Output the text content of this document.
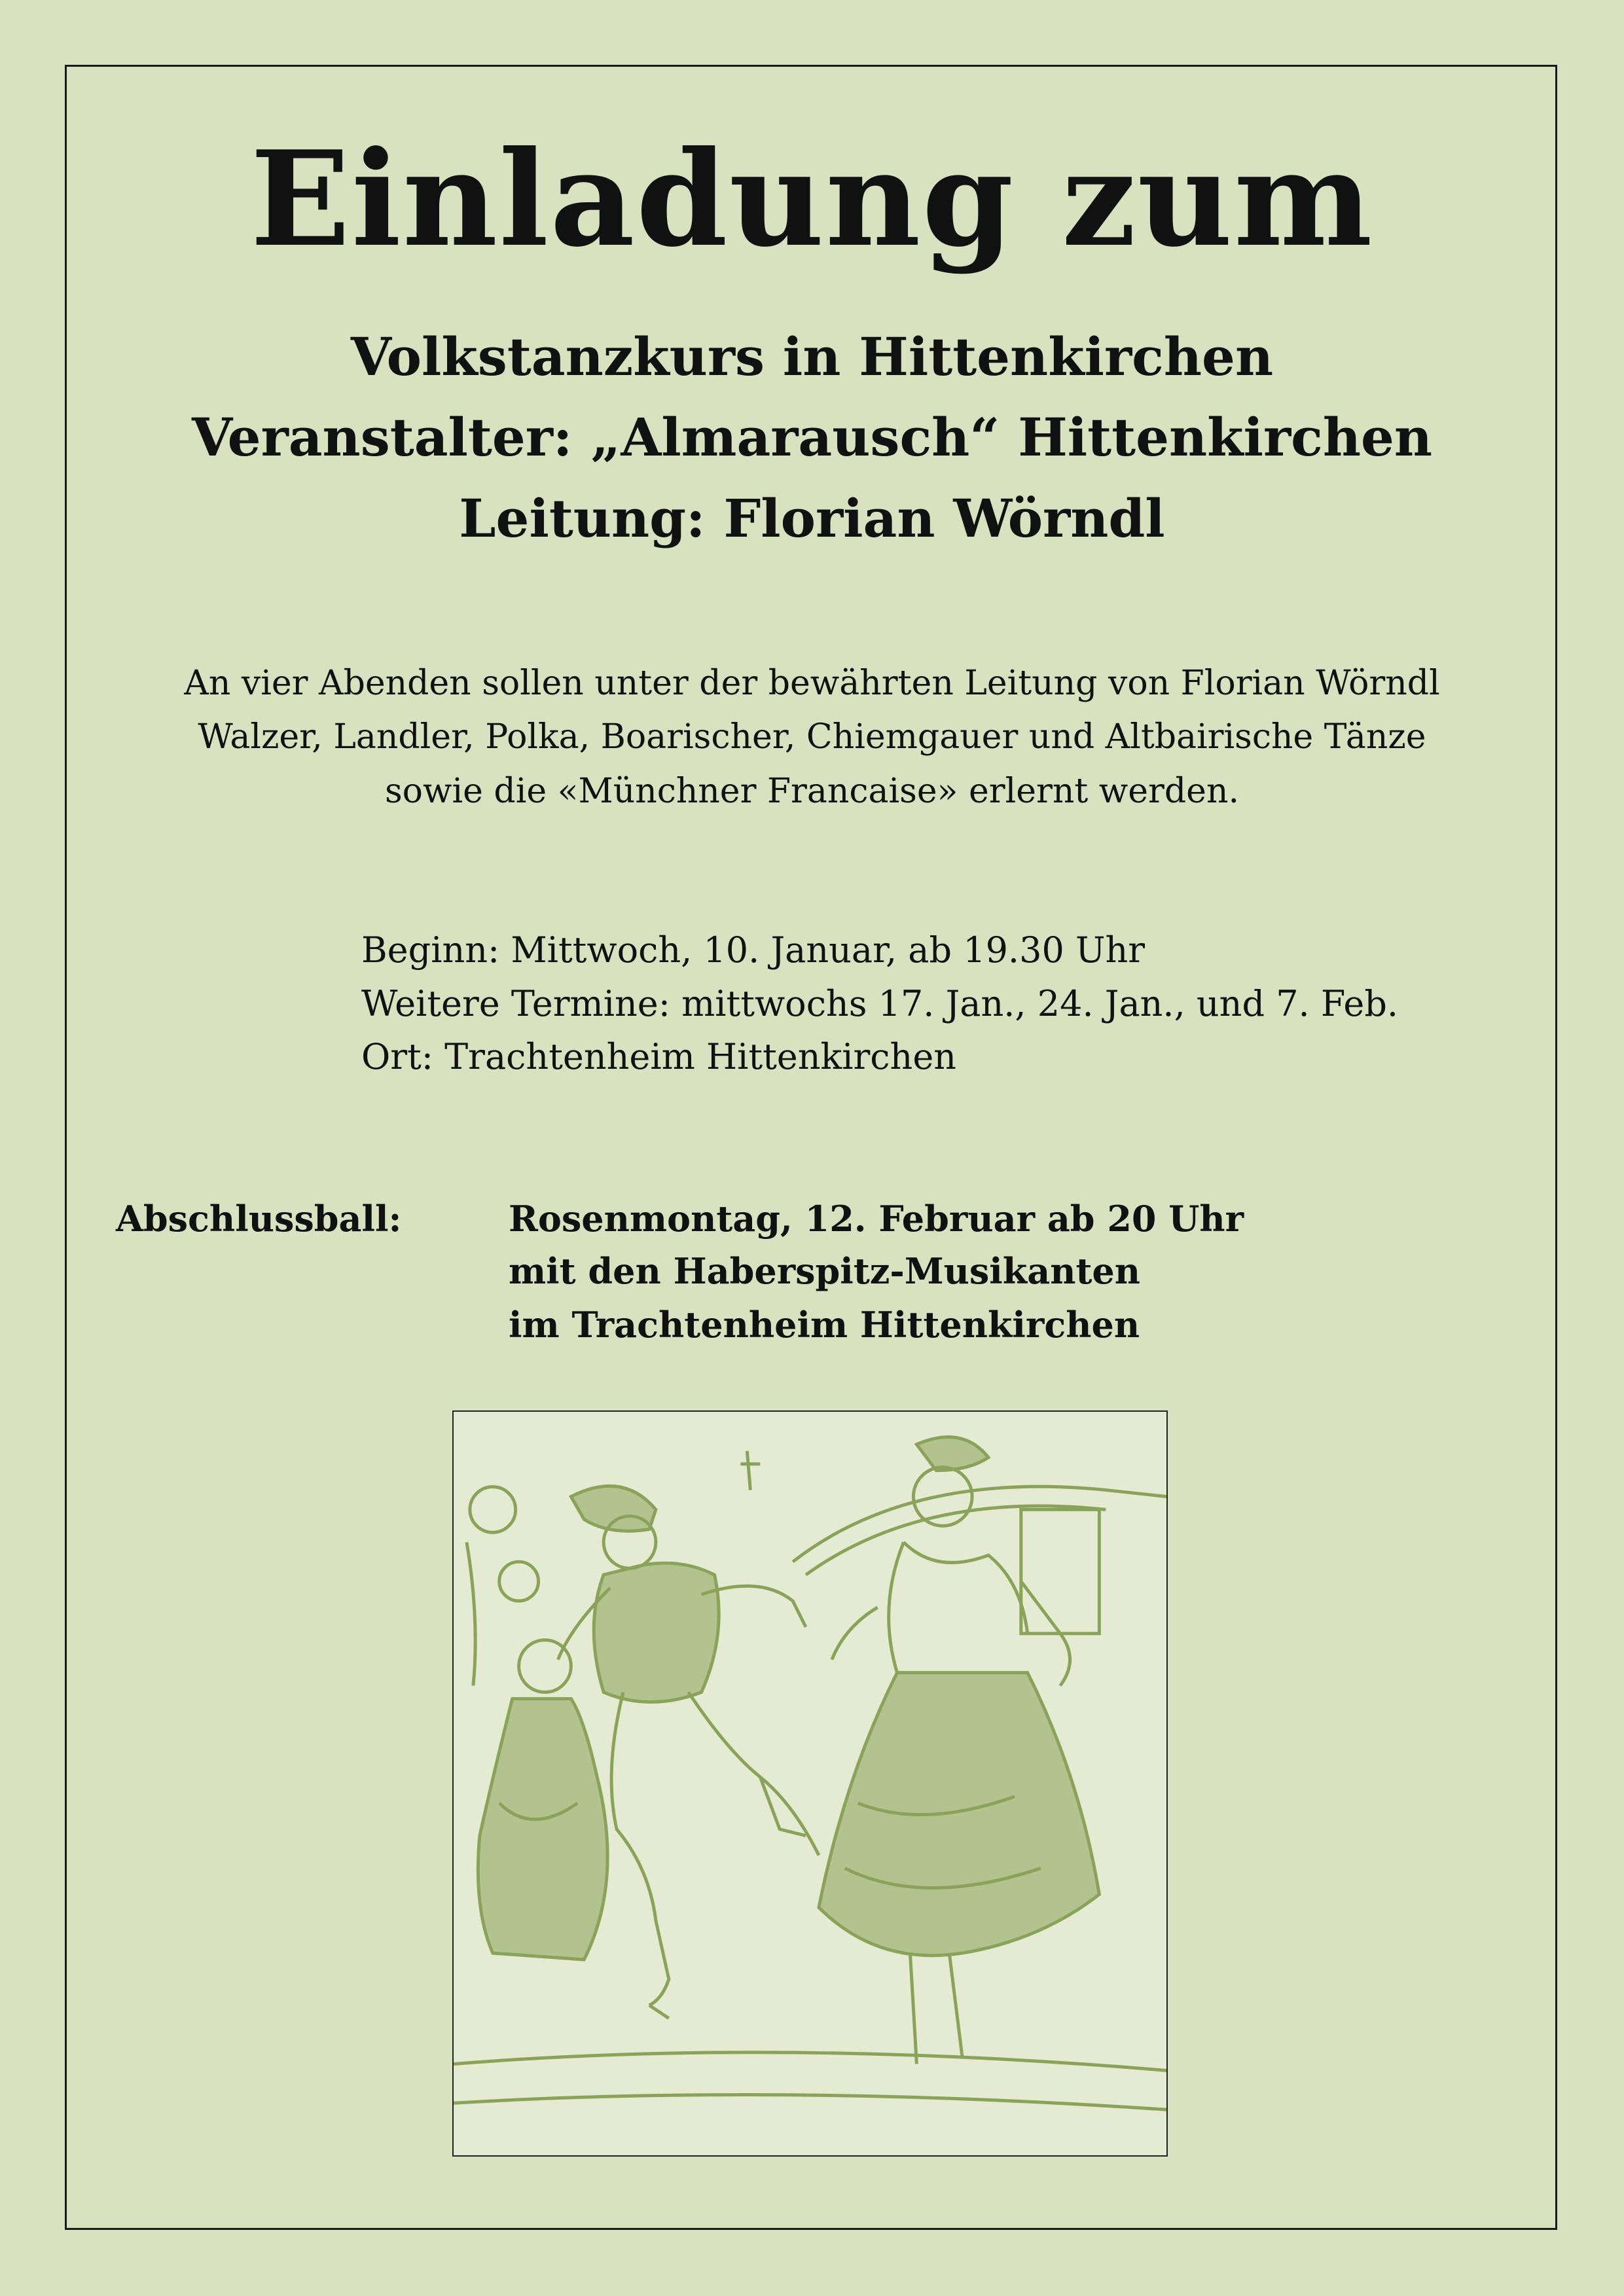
Einladung zum
Volkstanzkurs in Hittenkirchen
Veranstalter: „Almarausch“ Hittenkirchen
Leitung: Florian Wörndl
An vier Abenden sollen unter der bewährten Leitung von Florian Wörndl
Walzer, Landler, Polka, Boarischer, Chiemgauer und Altbairische Tänze
sowie die «Münchner Francaise» erlernt werden.
Beginn: Mittwoch, 10. Januar, ab 19.30 Uhr
Weitere Termine: mittwochs 17. Jan., 24. Jan., und 7. Feb.
Ort: Trachtenheim Hittenkirchen
Abschlussball:	Rosenmontag, 12. Februar ab 20 Uhr
mit den Haberspitz-Musikanten
im Trachtenheim Hittenkirchen
